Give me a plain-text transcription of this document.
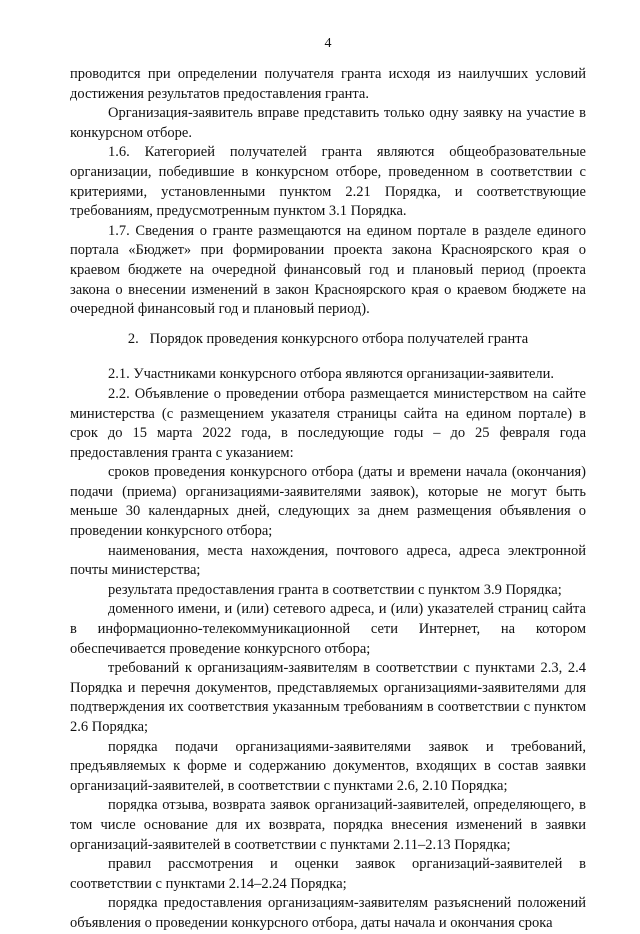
4

проводится при определении получателя гранта исходя из наилучших условий достижения результатов предоставления гранта.

Организация-заявитель вправе представить только одну заявку на участие в конкурсном отборе.

1.6. Категорией получателей гранта являются общеобразовательные организации, победившие в конкурсном отборе, проведенном в соответствии с критериями, установленными пунктом 2.21 Порядка, и соответствующие требованиям, предусмотренным пунктом 3.1 Порядка.

1.7. Сведения о гранте размещаются на едином портале в разделе единого портала «Бюджет» при формировании проекта закона Красноярского края о краевом бюджете на очередной финансовый год и плановый период (проекта закона о внесении изменений в закон Красноярского края о краевом бюджете на очередной финансовый год и плановый период).

2.   Порядок проведения конкурсного отбора получателей гранта

2.1. Участниками конкурсного отбора являются организации-заявители.

2.2. Объявление о проведении отбора размещается министерством на сайте министерства (с размещением указателя страницы сайта на едином портале) в срок до 15 марта 2022 года, в последующие годы – до 25 февраля года предоставления гранта с указанием:

сроков проведения конкурсного отбора (даты и времени начала (окончания) подачи (приема) организациями-заявителями заявок), которые не могут быть меньше 30 календарных дней, следующих за днем размещения объявления о проведении конкурсного отбора;

наименования, места нахождения, почтового адреса, адреса электронной почты министерства;

результата предоставления гранта в соответствии с пунктом 3.9 Порядка;

доменного имени, и (или) сетевого адреса, и (или) указателей страниц сайта в информационно-телекоммуникационной сети Интернет, на котором обеспечивается проведение конкурсного отбора;

требований к организациям-заявителям в соответствии с пунктами 2.3, 2.4 Порядка и перечня документов, представляемых организациями-заявителями для подтверждения их соответствия указанным требованиям в соответствии с пунктом 2.6 Порядка;

порядка подачи организациями-заявителями заявок и требований, предъявляемых к форме и содержанию документов, входящих в состав заявки организаций-заявителей, в соответствии с пунктами 2.6, 2.10 Порядка;

порядка отзыва, возврата заявок организаций-заявителей, определяющего, в том числе основание для их возврата, порядка внесения изменений в заявки организаций-заявителей в соответствии с пунктами 2.11–2.13 Порядка;

правил рассмотрения и оценки заявок организаций-заявителей в соответствии с пунктами 2.14–2.24 Порядка;

порядка предоставления организациям-заявителям разъяснений положений объявления о проведении конкурсного отбора, даты начала и окончания срока
